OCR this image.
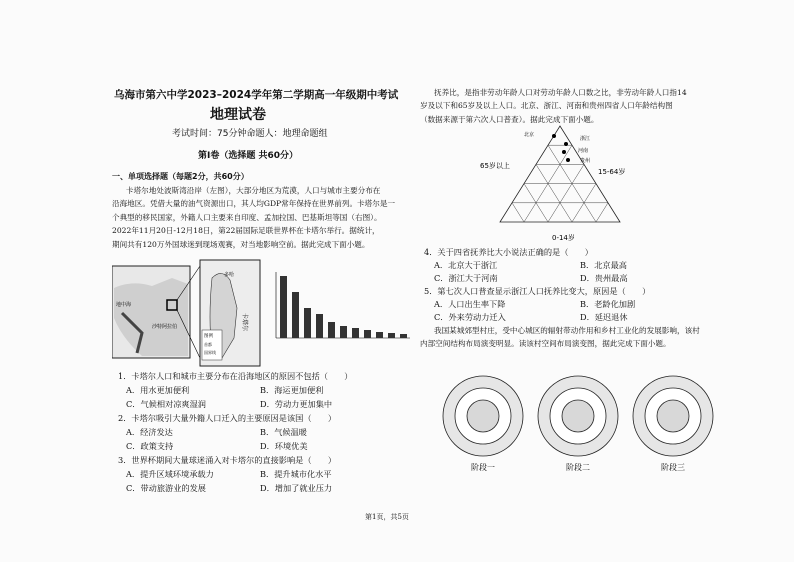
乌海市第六中学2023–2024学年第二学期高一年级期中考试
地理试卷
考试时间：75分钟命题人：地理命题组
第Ⅰ卷（选择题 共60分）
一、单项选择题（每题2分，共60分）
卡塔尔地处波斯湾沿岸（左图），大部分地区为荒漠，人口与城市主要分布在
沿海地区。凭借大量的油气资源出口，其人均GDP常年保持在世界前列。卡塔尔是一
个典型的移民国家，外籍人口主要来自印度、孟加拉国、巴基斯坦等国（右图）。
2022年11月20日-12月18日，第22届国际足联世界杯在卡塔尔举行。据统计，
期间共有120万外国球迷到现场观赛，对当地影响空前。据此完成下面小题。
地中海
沙特阿拉伯	卡塔尔
多哈
图例
首都
国界线
1．卡塔尔人口和城市主要分布在沿海地区的原因不包括（　　）
A．用水更加便利	B．海运更加便利
C．气候相对凉爽湿润	D．劳动力更加集中
2．卡塔尔吸引大量外籍人口迁入的主要原因是该国（　　）
A．经济发达	B．气候温暖
C．政策支持	D．环境优美
3．世界杯期间大量球迷涌入对卡塔尔的直接影响是（　　）
A．提升区域环境承载力	B．提升城市化水平
C．带动旅游业的发展	D．增加了就业压力
抚养比，是指非劳动年龄人口对劳动年龄人口数之比，非劳动年龄人口指14
岁及以下和65岁及以上人口。北京、浙江、河南和贵州四省人口年龄结构图
（数据来源于第六次人口普查）。据此完成下面小题。
北京
浙江
河南
贵州
65岁以上
15-64岁
0-14岁
4．关于四省抚养比大小说法正确的是（　　）
A．北京大于浙江	B．北京最高
C．浙江大于河南	D．贵州最高
5．第七次人口普查显示浙江人口抚养比变大，原因是（　　）
A．人口出生率下降	B．老龄化加剧
C．外来劳动力迁入	D．延迟退休
我国某城郊型村庄，受中心城区的辐射带动作用和乡村工业化的发展影响，该村
内部空间结构布局演变明显。读该村空间布局演变图，据此完成下面小题。
阶段一	阶段二	阶段三
第1页，共5页
